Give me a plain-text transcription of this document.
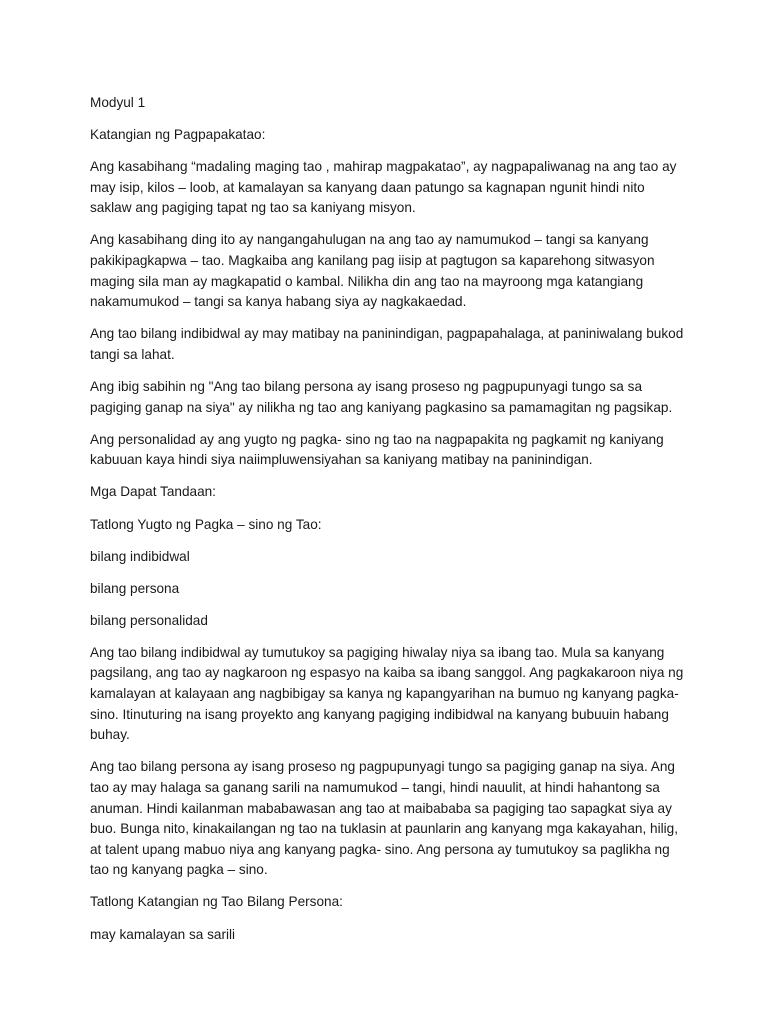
Modyul 1

Katangian ng Pagpapakatao:

Ang kasabihang “madaling maging tao , mahirap magpakatao”, ay nagpapaliwanag na ang tao ay may isip, kilos – loob, at kamalayan sa kanyang daan patungo sa kagnapan ngunit hindi nito saklaw ang pagiging tapat ng tao sa kaniyang misyon.

Ang kasabihang ding ito ay nangangahulugan na ang tao ay namumukod – tangi sa kanyang pakikipagkapwa – tao. Magkaiba ang kanilang pag iisip at pagtugon sa kaparehong sitwasyon maging sila man ay magkapatid o kambal. Nilikha din ang tao na mayroong mga katangiang nakamumukod – tangi sa kanya habang siya ay nagkakaedad.

Ang tao bilang indibidwal ay may matibay na paninindigan, pagpapahalaga, at paniniwalang bukod tangi sa lahat.

Ang ibig sabihin ng "Ang tao bilang persona ay isang proseso ng pagpupunyagi tungo sa sa pagiging ganap na siya" ay nilikha ng tao ang kaniyang pagkasino sa pamamagitan ng pagsikap.

Ang personalidad ay ang yugto ng pagka- sino ng tao na nagpapakita ng pagkamit ng kaniyang kabuuan kaya hindi siya naiimpluwensiyahan sa kaniyang matibay na paninindigan.

Mga Dapat Tandaan:

Tatlong Yugto ng Pagka – sino ng Tao:

bilang indibidwal

bilang persona

bilang personalidad

Ang tao bilang indibidwal ay tumutukoy sa pagiging hiwalay niya sa ibang tao. Mula sa kanyang pagsilang, ang tao ay nagkaroon ng espasyo na kaiba sa ibang sanggol. Ang pagkakaroon niya ng kamalayan at kalayaan ang nagbibigay sa kanya ng kapangyarihan na bumuo ng kanyang pagka- sino. Itinuturing na isang proyekto ang kanyang pagiging indibidwal na kanyang bubuuin habang buhay.

Ang tao bilang persona ay isang proseso ng pagpupunyagi tungo sa pagiging ganap na siya. Ang tao ay may halaga sa ganang sarili na namumukod – tangi, hindi nauulit, at hindi hahantong sa anuman. Hindi kailanman mababawasan ang tao at maibababa sa pagiging tao sapagkat siya ay buo. Bunga nito, kinakailangan ng tao na tuklasin at paunlarin ang kanyang mga kakayahan, hilig, at talent upang mabuo niya ang kanyang pagka- sino. Ang persona ay tumutukoy sa paglikha ng tao ng kanyang pagka – sino.

Tatlong Katangian ng Tao Bilang Persona:

may kamalayan sa sarili
